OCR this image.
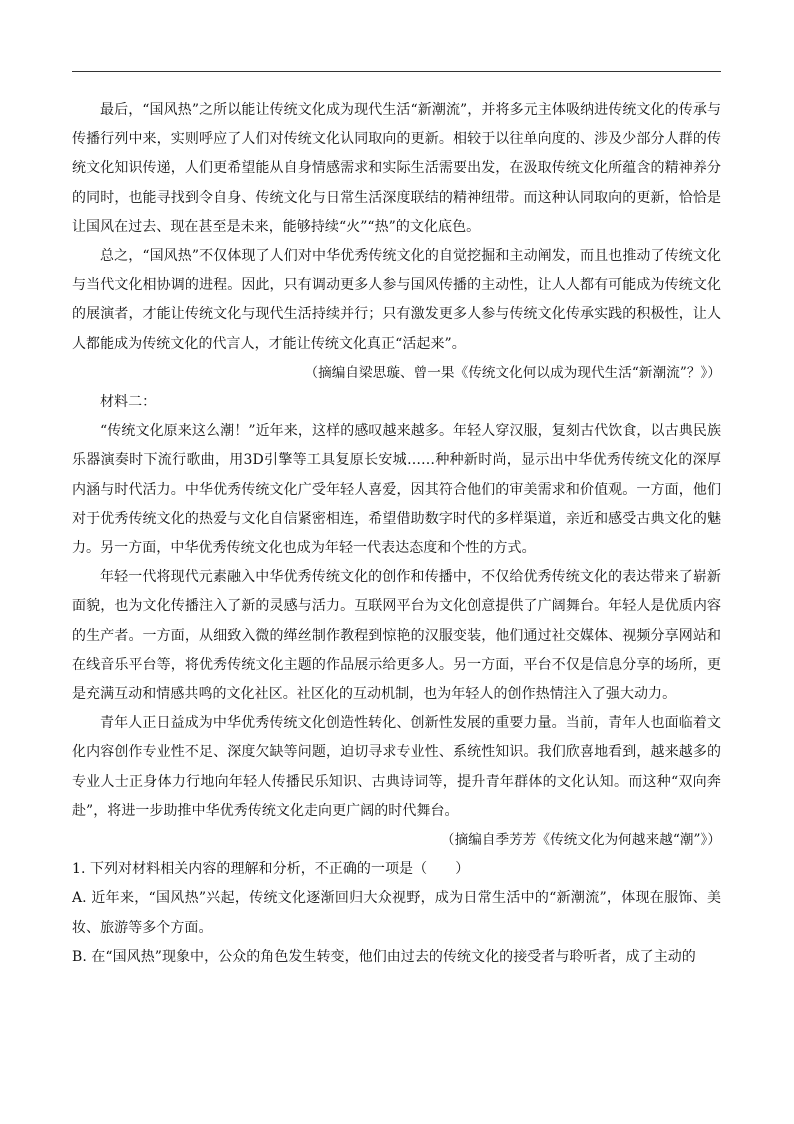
最后，“国风热”之所以能让传统文化成为现代生活“新潮流”，并将多元主体吸纳进传统文化的传承与传播行列中来，实则呼应了人们对传统文化认同取向的更新。相较于以往单向度的、涉及少部分人群的传统文化知识传递，人们更希望能从自身情感需求和实际生活需要出发，在汲取传统文化所蕴含的精神养分的同时，也能寻找到令自身、传统文化与日常生活深度联结的精神纽带。而这种认同取向的更新，恰恰是让国风在过去、现在甚至是未来，能够持续“火”“热”的文化底色。

总之，“国风热”不仅体现了人们对中华优秀传统文化的自觉挖掘和主动阐发，而且也推动了传统文化与当代文化相协调的进程。因此，只有调动更多人参与国风传播的主动性，让人人都有可能成为传统文化的展演者，才能让传统文化与现代生活持续并行；只有激发更多人参与传统文化传承实践的积极性，让人人都能成为传统文化的代言人，才能让传统文化真正“活起来”。

（摘编自梁思璇、曾一果《传统文化何以成为现代生活“新潮流”？》）

材料二：

“传统文化原来这么潮！”近年来，这样的感叹越来越多。年轻人穿汉服，复刻古代饮食，以古典民族乐器演奏时下流行歌曲，用3D引擎等工具复原长安城……种种新时尚，显示出中华优秀传统文化的深厚内涵与时代活力。中华优秀传统文化广受年轻人喜爱，因其符合他们的审美需求和价值观。一方面，他们对于优秀传统文化的热爱与文化自信紧密相连，希望借助数字时代的多样渠道，亲近和感受古典文化的魅力。另一方面，中华优秀传统文化也成为年轻一代表达态度和个性的方式。

年轻一代将现代元素融入中华优秀传统文化的创作和传播中，不仅给优秀传统文化的表达带来了崭新面貌，也为文化传播注入了新的灵感与活力。互联网平台为文化创意提供了广阔舞台。年轻人是优质内容的生产者。一方面，从细致入微的缂丝制作教程到惊艳的汉服变装，他们通过社交媒体、视频分享网站和在线音乐平台等，将优秀传统文化主题的作品展示给更多人。另一方面，平台不仅是信息分享的场所，更是充满互动和情感共鸣的文化社区。社区化的互动机制，也为年轻人的创作热情注入了强大动力。

青年人正日益成为中华优秀传统文化创造性转化、创新性发展的重要力量。当前，青年人也面临着文化内容创作专业性不足、深度欠缺等问题，迫切寻求专业性、系统性知识。我们欣喜地看到，越来越多的专业人士正身体力行地向年轻人传播民乐知识、古典诗词等，提升青年群体的文化认知。而这种“双向奔赴”，将进一步助推中华优秀传统文化走向更广阔的时代舞台。

（摘编自季芳芳《传统文化为何越来越“潮”》）

1. 下列对材料相关内容的理解和分析，不正确的一项是（　　）

A. 近年来，“国风热”兴起，传统文化逐渐回归大众视野，成为日常生活中的“新潮流”，体现在服饰、美妆、旅游等多个方面。

B. 在“国风热”现象中，公众的角色发生转变，他们由过去的传统文化的接受者与聆听者，成了主动的
